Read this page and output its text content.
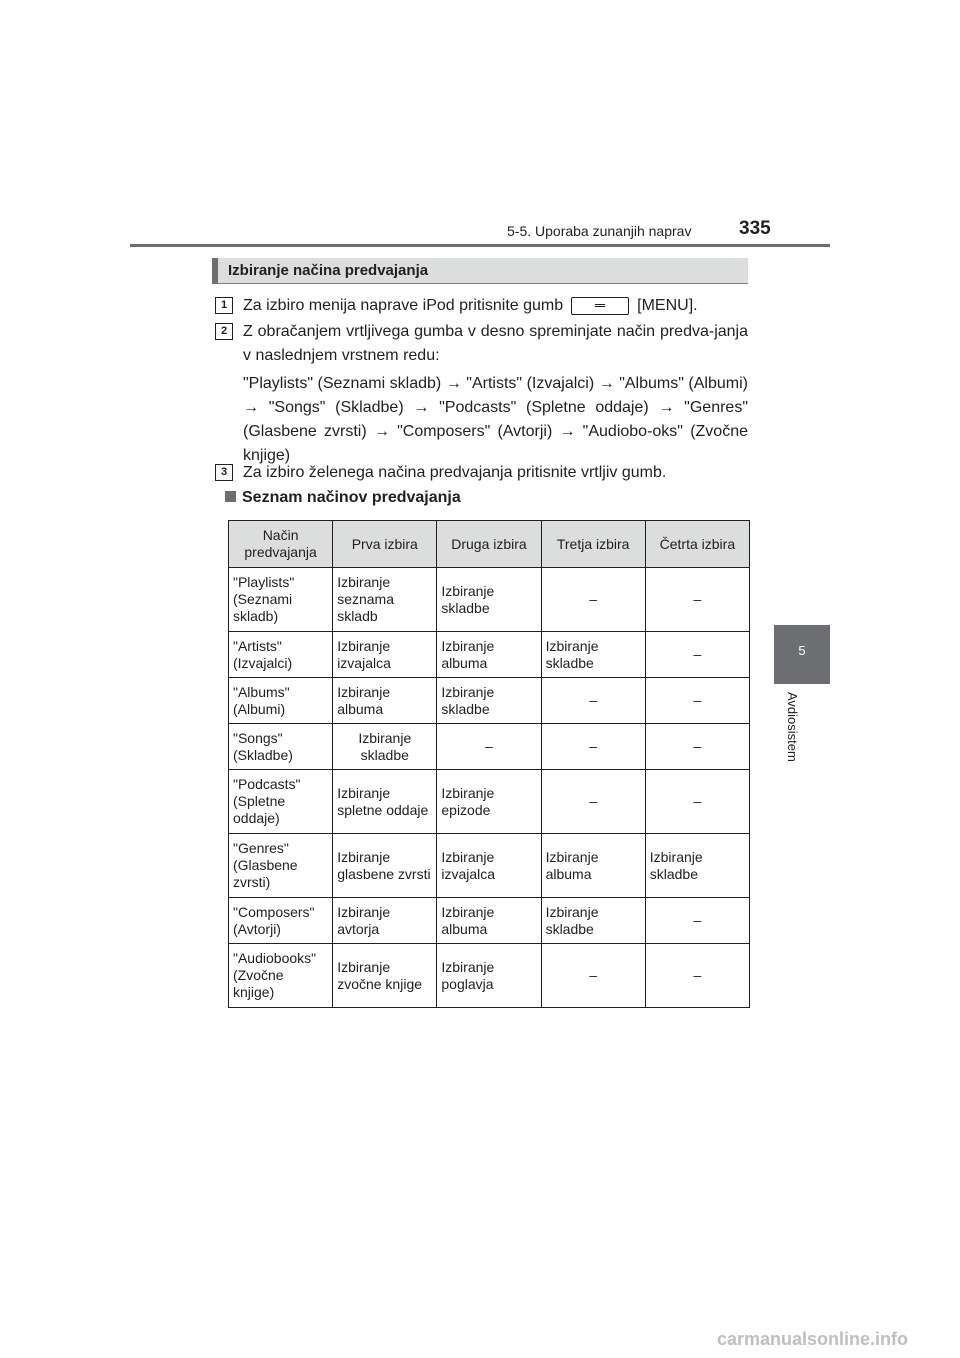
5-5. Uporaba zunanjih naprav	335
5
Avdiosistem
Izbiranje načina predvajanja
1 Za izbiro menija naprave iPod pritisnite gumb	[MENU].
2 Z obračanjem vrtljivega gumba v desno spreminjate način predva-janja v naslednjem vrstnem redu:
"Playlists" (Seznami skladb) → "Artists" (Izvajalci) → "Albums" (Albumi) → "Songs" (Skladbe) → "Podcasts" (Spletne oddaje) → "Genres" (Glasbene zvrsti) → "Composers" (Avtorji) → "Audiobo-oks" (Zvočne knjige)
3 Za izbiro želenega načina predvajanja pritisnite vrtljiv gumb.
Seznam načinov predvajanja
Način predvajanja	Prva izbira	Druga izbira	Tretja izbira	Četrta izbira
"Playlists" (Seznami skladb)	Izbiranje seznama skladb	Izbiranje skladbe	–	–
"Artists" (Izvajalci)	Izbiranje izvajalca	Izbiranje albuma	Izbiranje skladbe	–
"Albums" (Albumi)	Izbiranje albuma	Izbiranje skladbe	–	–
"Songs" (Skladbe)	Izbiranje skladbe	–	–	–
"Podcasts" (Spletne oddaje)	Izbiranje spletne oddaje	Izbiranje epizode	–	–
"Genres" (Glasbene zvrsti)	Izbiranje glasbene zvrsti	Izbiranje izvajalca	Izbiranje albuma	Izbiranje skladbe
"Composers" (Avtorji)	Izbiranje avtorja	Izbiranje albuma	Izbiranje skladbe	–
"Audiobooks" (Zvočne knjige)	Izbiranje zvočne knjige	Izbiranje poglavja	–	–
carmanualsonline.info
